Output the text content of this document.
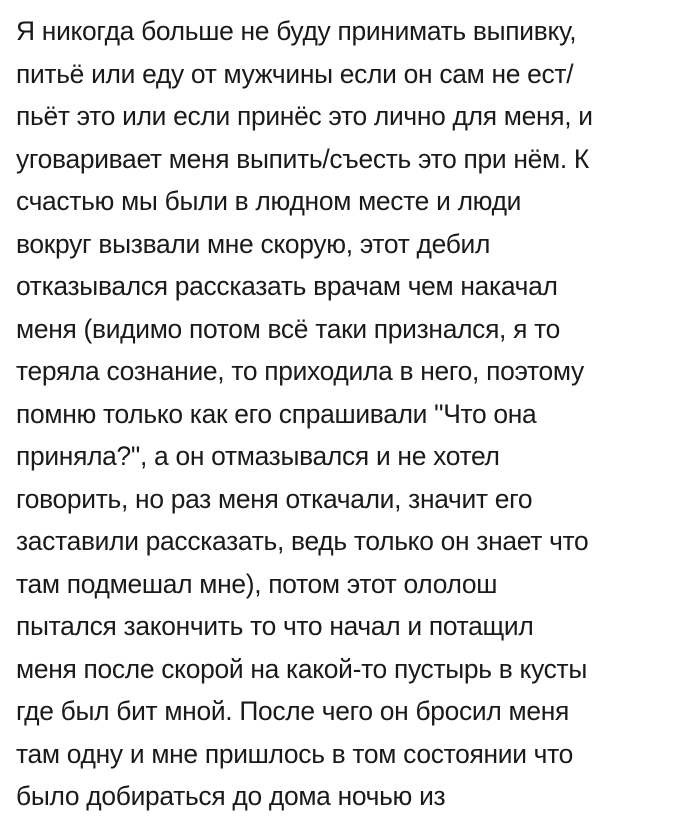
Я никогда больше не буду принимать выпивку,
питьё или еду от мужчины если он сам не ест/
пьёт это или если принёс это лично для меня, и
уговаривает меня выпить/съесть это при нём. К
счастью мы были в людном месте и люди
вокруг вызвали мне скорую, этот дебил
отказывался рассказать врачам чем накачал
меня (видимо потом всё таки признался, я то
теряла сознание, то приходила в него, поэтому
помню только как его спрашивали "Что она
приняла?", а он отмазывался и не хотел
говорить, но раз меня откачали, значит его
заставили рассказать, ведь только он знает что
там подмешал мне), потом этот ололош
пытался закончить то что начал и потащил
меня после скорой на какой-то пустырь в кусты
где был бит мной. После чего он бросил меня
там одну и мне пришлось в том состоянии что
было добираться до дома ночью из
